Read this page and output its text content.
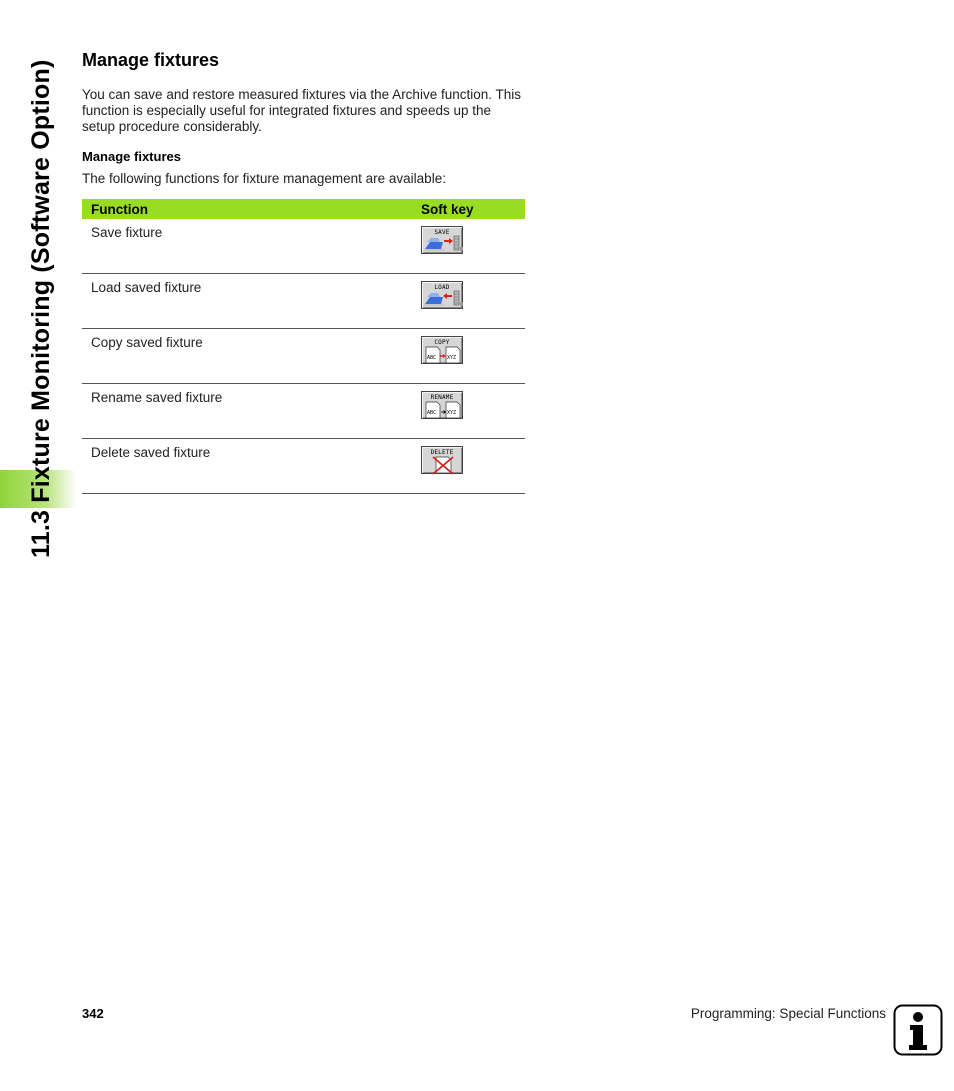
11.3 Fixture Monitoring (Software Option) Manage fixtures

You can save and restore measured fixtures via the Archive function. This function is especially useful for integrated fixtures and speeds up the setup procedure considerably.

Manage fixtures

The following functions for fixture management are available:

Function	Soft key
Save fixture	SAVE

Load saved fixture	LOAD

Copy saved fixture	COPY
ABC XYZ

Rename saved fixture	RENAME
ABC XYZ

Delete saved fixture	DELETE
342	Programming: Special Functions
